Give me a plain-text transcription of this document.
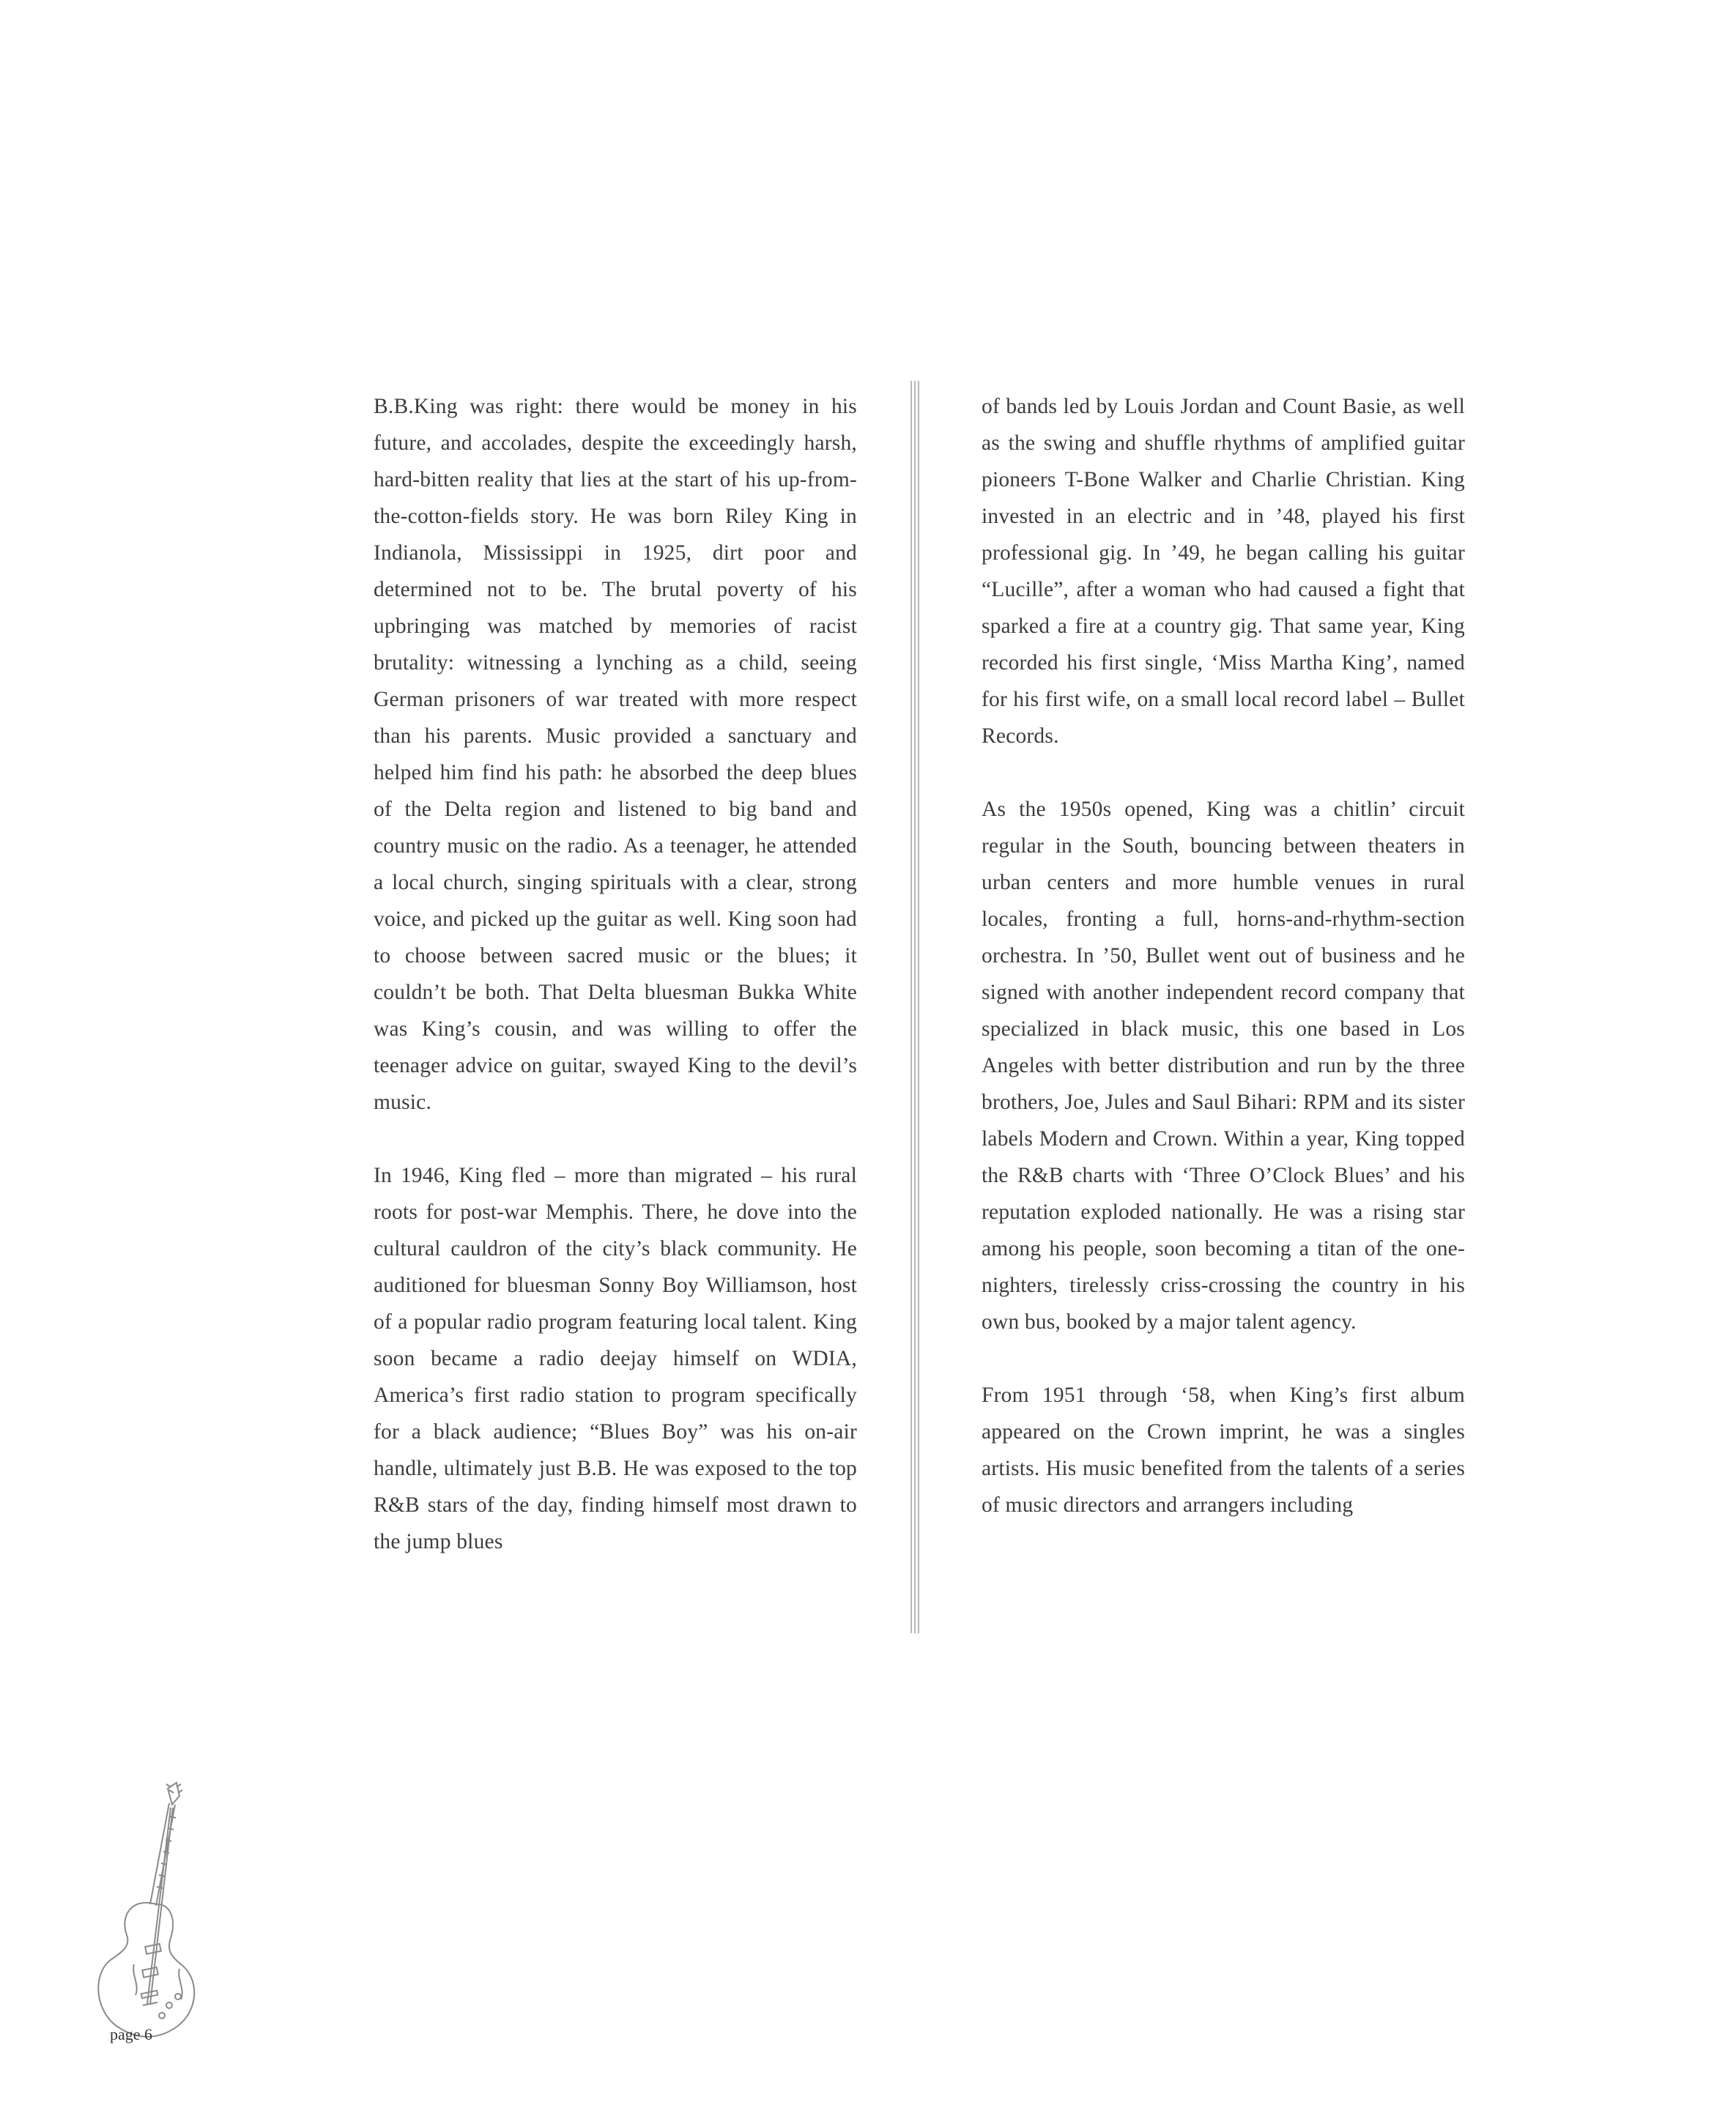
B.B.King was right: there would be money in his future, and accolades, despite the exceedingly harsh, hard-bitten reality that lies at the start of his up-from-the-cotton-fields story. He was born Riley King in Indianola, Mississippi in 1925, dirt poor and determined not to be. The brutal poverty of his upbringing was matched by memories of racist brutality: witnessing a lynching as a child, seeing German prisoners of war treated with more respect than his parents. Music provided a sanctuary and helped him find his path: he absorbed the deep blues of the Delta region and listened to big band and country music on the radio. As a teenager, he attended a local church, singing spirituals with a clear, strong voice, and picked up the guitar as well. King soon had to choose between sacred music or the blues; it couldn’t be both. That Delta bluesman Bukka White was King’s cousin, and was willing to offer the teenager advice on guitar, swayed King to the devil’s music.

In 1946, King fled – more than migrated – his rural roots for post-war Memphis. There, he dove into the cultural cauldron of the city’s black community. He auditioned for bluesman Sonny Boy Williamson, host of a popular radio program featuring local talent. King soon became a radio deejay himself on WDIA, America’s first radio station to program specifically for a black audience; “Blues Boy” was his on-air handle, ultimately just B.B. He was exposed to the top R&B stars of the day, finding himself most drawn to the jump blues

of bands led by Louis Jordan and Count Basie, as well as the swing and shuffle rhythms of amplified guitar pioneers T-Bone Walker and Charlie Christian. King invested in an electric and in ’48, played his first professional gig. In ’49, he began calling his guitar “Lucille”, after a woman who had caused a fight that sparked a fire at a country gig. That same year, King recorded his first single, ‘Miss Martha King’, named for his first wife, on a small local record label – Bullet Records.

As the 1950s opened, King was a chitlin’ circuit regular in the South, bouncing between theaters in urban centers and more humble venues in rural locales, fronting a full, horns-and-rhythm-section orchestra. In ’50, Bullet went out of business and he signed with another independent record company that specialized in black music, this one based in Los Angeles with better distribution and run by the three brothers, Joe, Jules and Saul Bihari: RPM and its sister labels Modern and Crown. Within a year, King topped the R&B charts with ‘Three O’Clock Blues’ and his reputation exploded nationally. He was a rising star among his people, soon becoming a titan of the one-nighters, tirelessly criss-crossing the country in his own bus, booked by a major talent agency.

From 1951 through ‘58, when King’s first album appeared on the Crown imprint, he was a singles artists. His music benefited from the talents of a series of music directors and arrangers including

page 6
